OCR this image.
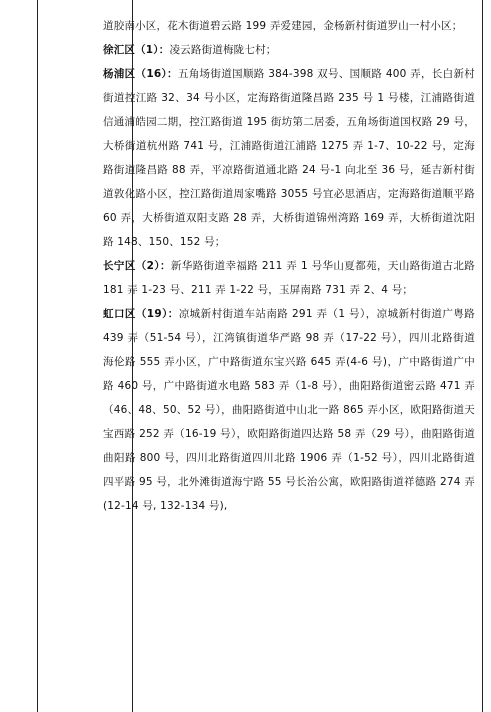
道胶南小区，花木街道碧云路 199 弄爱建园，金杨新村街道罗山一村小区；

徐汇区（1）：凌云路街道梅陇七村；

杨浦区（16）：五角场街道国顺路 384-398 双号、国顺路 400 弄，长白新村街道控江路 32、34 号小区，定海路街道隆昌路 235 号 1 号楼，江浦路街道信通浦皓园二期，控江路街道 195 街坊第二居委，五角场街道国权路 29 号，大桥街道杭州路 741 号，江浦路街道江浦路 1275 弄 1-7、10-22 号，定海路街道隆昌路 88 弄，平凉路街道通北路 24 号-1 向北至 36 号，延吉新村街道敦化路小区，控江路街道周家嘴路 3055 号宜必思酒店，定海路街道顺平路 60 弄，大桥街道双阳支路 28 弄，大桥街道锦州湾路 169 弄，大桥街道沈阳路 148、150、152 号；

长宁区（2）：新华路街道幸福路 211 弄 1 号华山夏都苑，天山路街道古北路 181 弄 1-23 号、211 弄 1-22 号，玉屏南路 731 弄 2、4 号；

虹口区（19）：凉城新村街道车站南路 291 弄（1 号），凉城新村街道广粤路 439 弄（51-54 号），江湾镇街道华严路 98 弄（17-22 号），四川北路街道海伦路 555 弄小区，广中路街道东宝兴路 645 弄(4-6 号)，广中路街道广中路 460 号，广中路街道水电路 583 弄（1-8 号），曲阳路街道密云路 471 弄（46、48、50、52 号），曲阳路街道中山北一路 865 弄小区，欧阳路街道天宝西路 252 弄（16-19 号），欧阳路街道四达路 58 弄（29 号），曲阳路街道曲阳路 800 号，四川北路街道四川北路 1906 弄（1-52 号），四川北路街道四平路 95 号，北外滩街道海宁路 55 号长治公寓，欧阳路街道祥德路 274 弄(12-14 号, 132-134 号),
